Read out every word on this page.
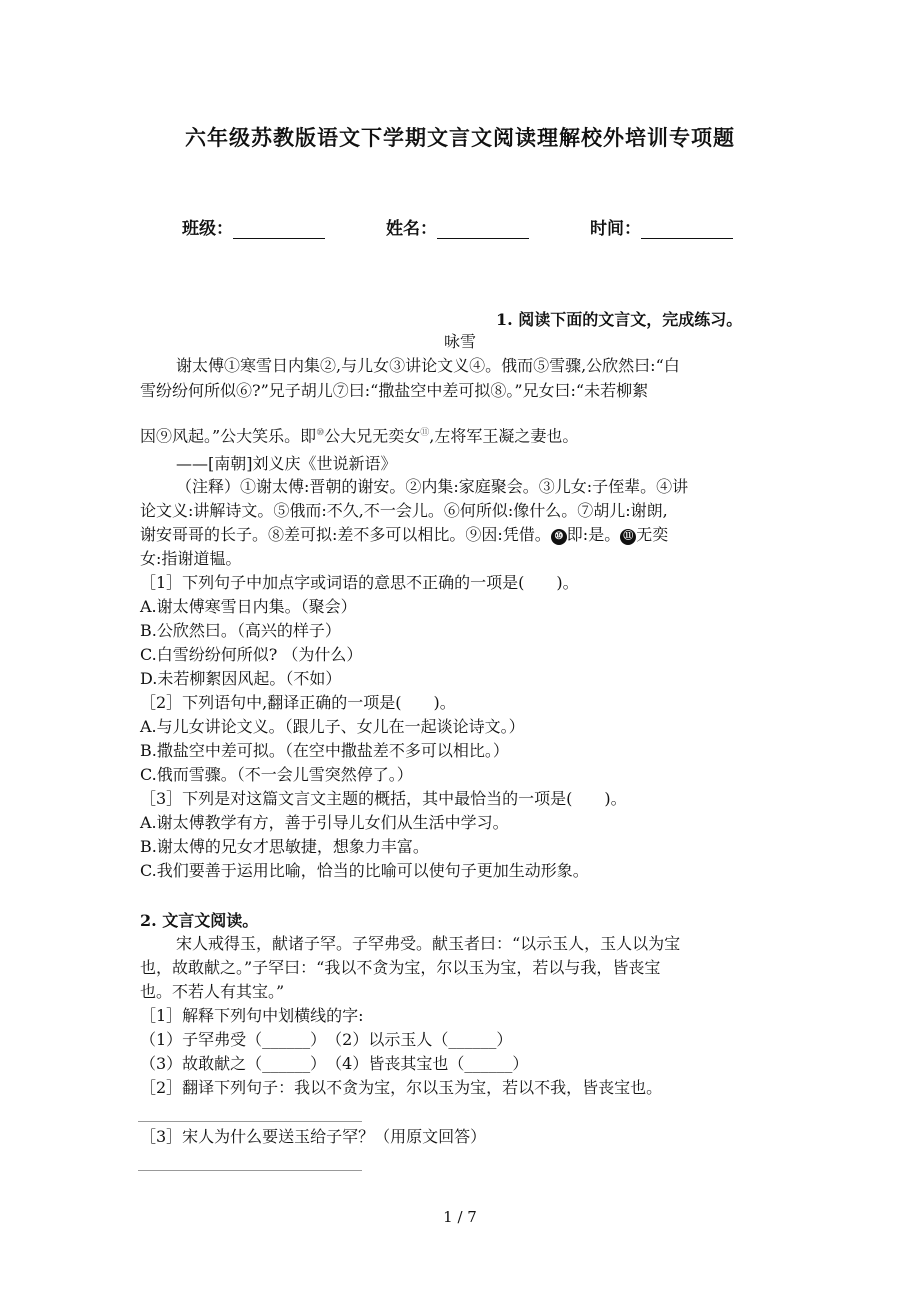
六年级苏教版语文下学期文言文阅读理解校外培训专项题
班级：	姓名：	时间：
1. 阅读下面的文言文，完成练习。
咏雪
谢太傅①寒雪日内集②,与儿女③讲论文义④。俄而⑤雪骤,公欣然曰:“白
雪纷纷何所似⑥?”兄子胡儿⑦曰:“撒盐空中差可拟⑧。”兄女曰:“未若柳絮
因⑨风起。”公大笑乐。即⑩公大兄无奕女⑪,左将军王凝之妻也。
——[南朝]刘义庆《世说新语》
（注释）①谢太傅:晋朝的谢安。②内集:家庭聚会。③儿女:子侄辈。④讲
论文义:讲解诗文。⑤俄而:不久,不一会儿。⑥何所似:像什么。⑦胡儿:谢朗,
谢安哥哥的长子。⑧差可拟:差不多可以相比。⑨因:凭借。 ⑩ 即:是。 ⑪ 无奕
女:指谢道韫。
［1］下列句子中加点字或词语的意思不正确的一项是(　　)。
A.谢太傅寒雪日内集。（聚会）
B.公欣然曰。（高兴的样子）
C.白雪纷纷何所似? （为什么）
D.未若柳絮因风起。（不如）
［2］下列语句中,翻译正确的一项是(　　)。
A.与儿女讲论文义。（跟儿子、女儿在一起谈论诗文。）
B.撒盐空中差可拟。（在空中撒盐差不多可以相比。）
C.俄而雪骤。（不一会儿雪突然停了。）
［3］下列是对这篇文言文主题的概括，其中最恰当的一项是(　　)。
A.谢太傅教学有方，善于引导儿女们从生活中学习。
B.谢太傅的兄女才思敏捷，想象力丰富。
C.我们要善于运用比喻，恰当的比喻可以使句子更加生动形象。
2. 文言文阅读。
宋人戒得玉，献诸子罕。子罕弗受。献玉者曰：“以示玉人，玉人以为宝
也，故敢献之。”子罕曰：“我以不贪为宝，尔以玉为宝，若以与我，皆丧宝
也。不若人有其宝。”
［1］解释下列句中划横线的字:
（1）子罕弗受（______）　（2）以示玉人（______）
（3）故敢献之（______）　（4）皆丧其宝也（______）
［2］翻译下列句子：我以不贪为宝，尔以玉为宝，若以不我，皆丧宝也。
［3］宋人为什么要送玉给子罕？（用原文回答）
1 / 7
